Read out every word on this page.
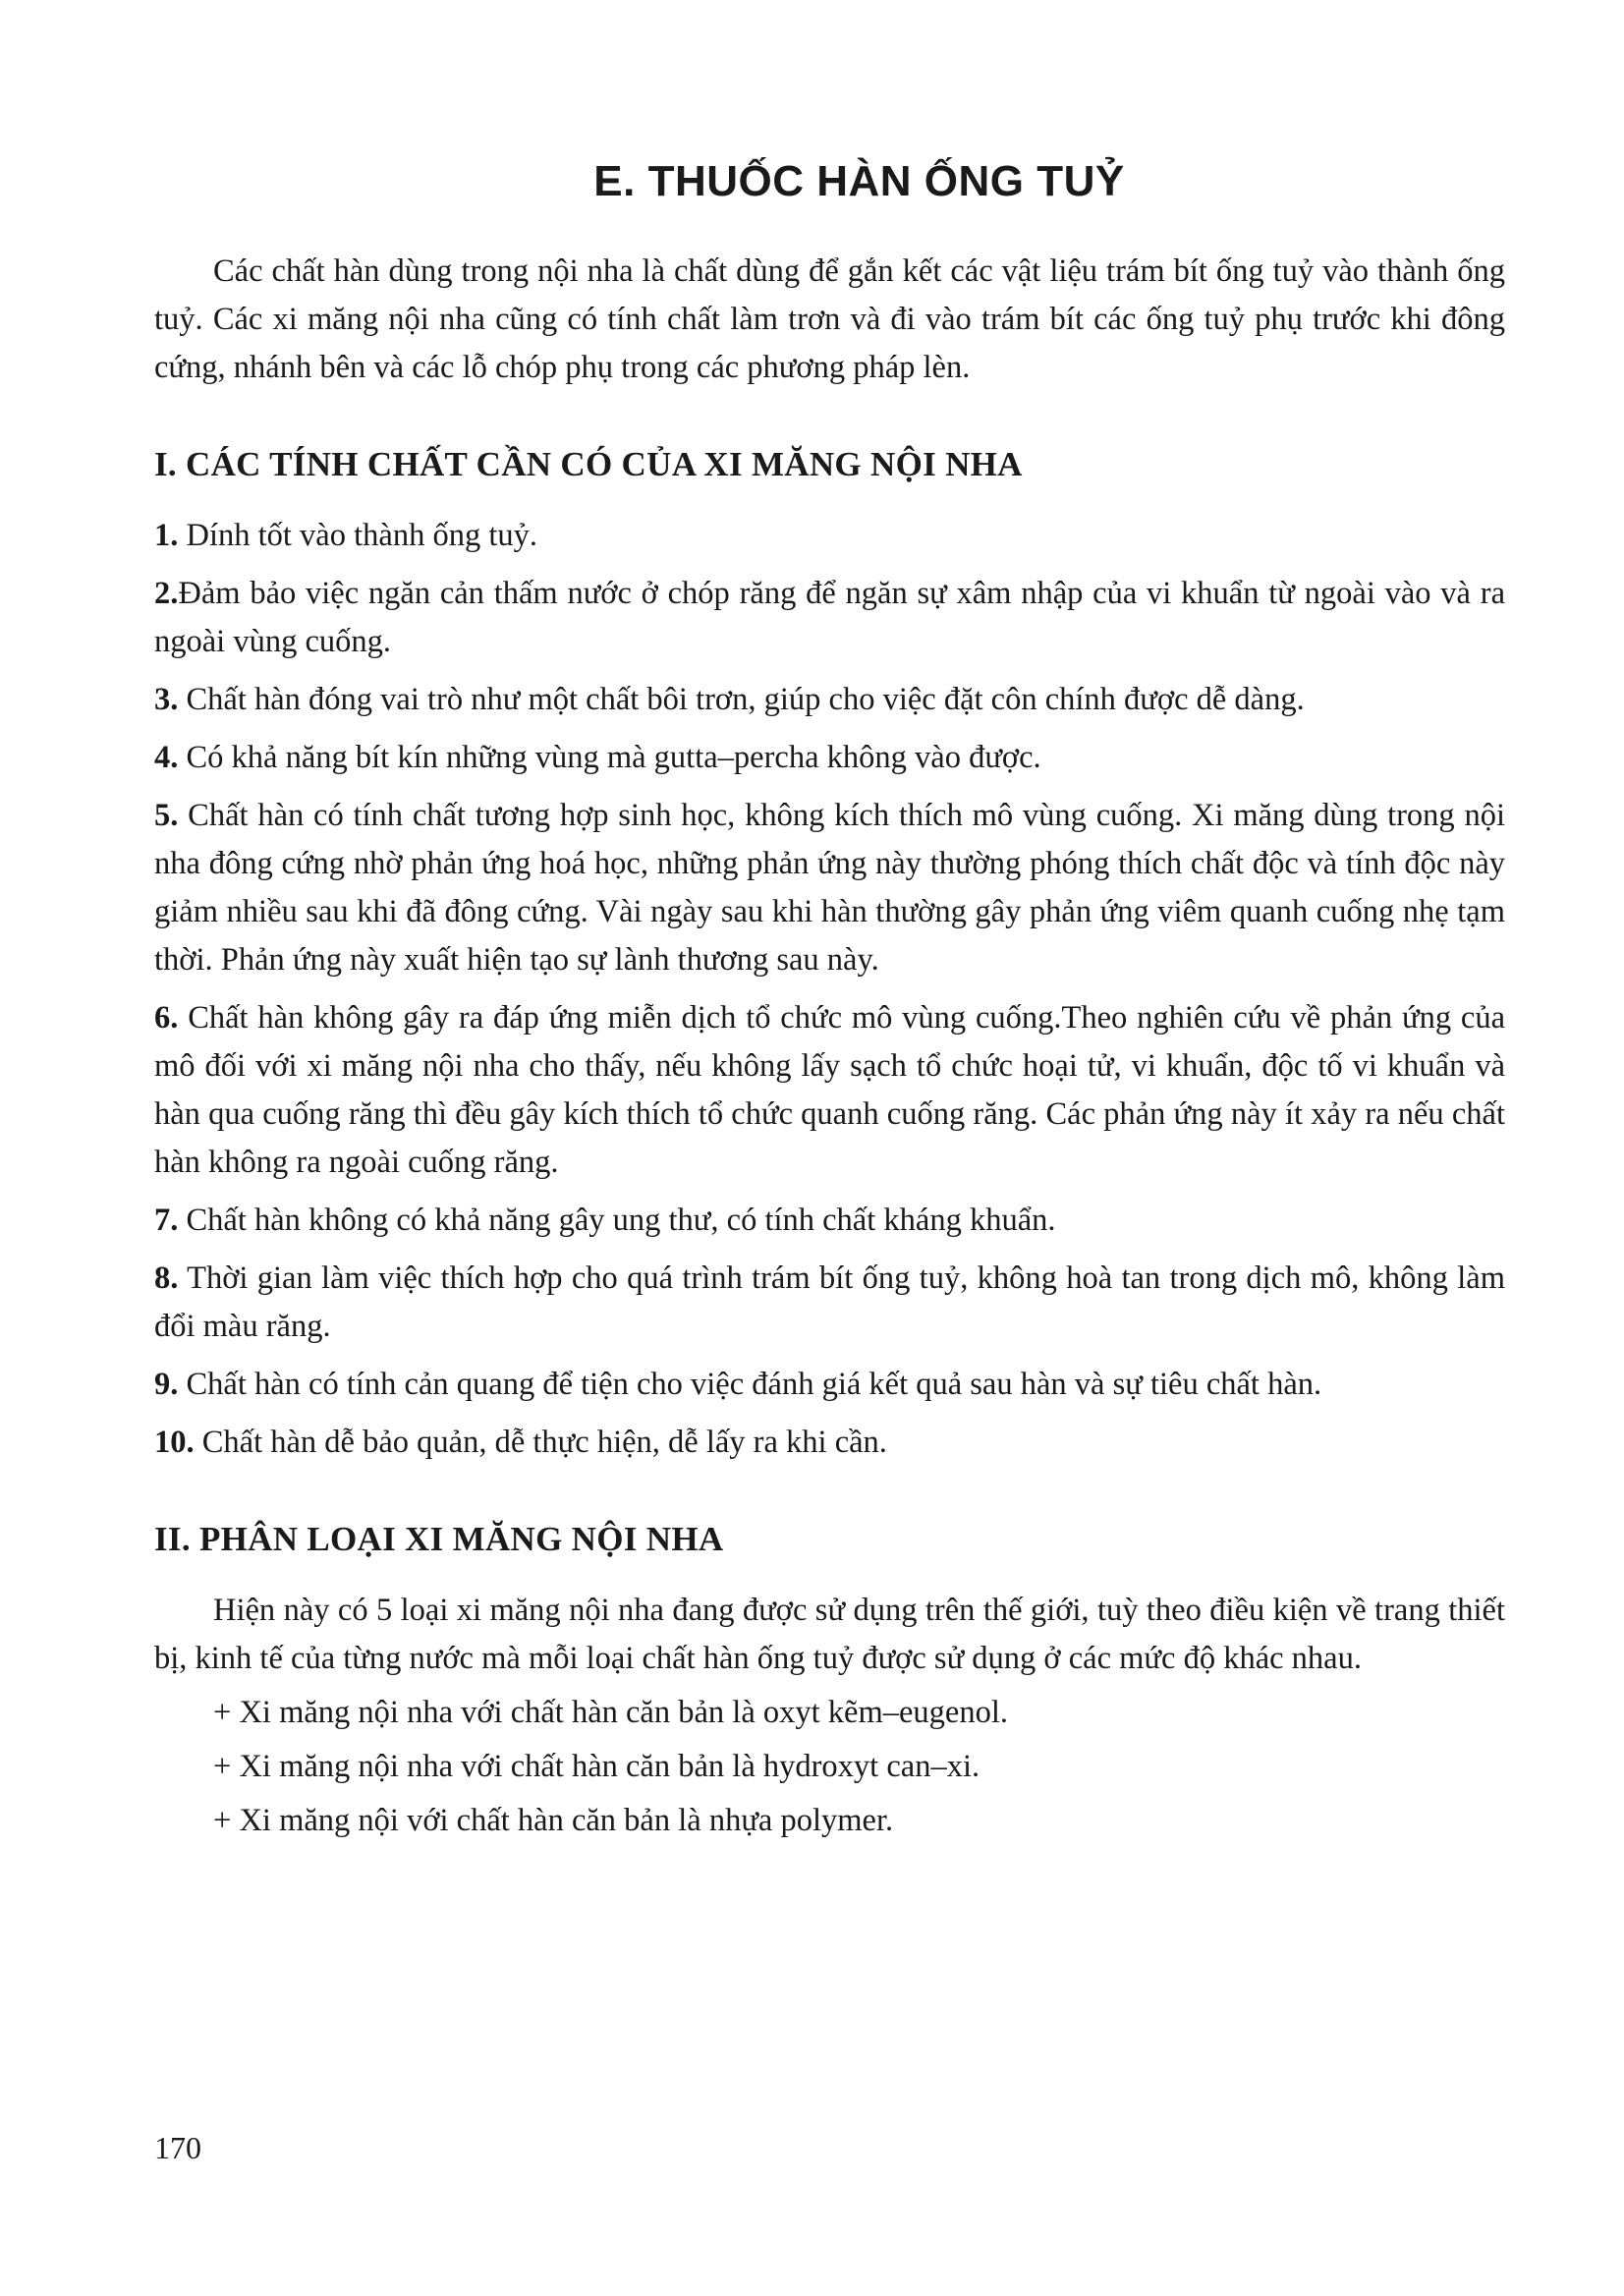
E. THUỐC HÀN ỐNG TUỶ

Các chất hàn dùng trong nội nha là chất dùng để gắn kết các vật liệu trám bít ống tuỷ vào thành ống tuỷ. Các xi măng nội nha cũng có tính chất làm trơn và đi vào trám bít các ống tuỷ phụ trước khi đông cứng, nhánh bên và các lỗ chóp phụ trong các phương pháp lèn.

I. CÁC TÍNH CHẤT CẦN CÓ CỦA XI MĂNG NỘI NHA

1. Dính tốt vào thành ống tuỷ.

2.Đảm bảo việc ngăn cản thấm nước ở chóp răng để ngăn sự xâm nhập của vi khuẩn từ ngoài vào và ra ngoài vùng cuống.

3. Chất hàn đóng vai trò như một chất bôi trơn, giúp cho việc đặt côn chính được dễ dàng.

4. Có khả năng bít kín những vùng mà gutta–percha không vào được.

5. Chất hàn có tính chất tương hợp sinh học, không kích thích mô vùng cuống. Xi măng dùng trong nội nha đông cứng nhờ phản ứng hoá học, những phản ứng này thường phóng thích chất độc và tính độc này giảm nhiều sau khi đã đông cứng. Vài ngày sau khi hàn thường gây phản ứng viêm quanh cuống nhẹ tạm thời. Phản ứng này xuất hiện tạo sự lành thương sau này.

6. Chất hàn không gây ra đáp ứng miễn dịch tổ chức mô vùng cuống.Theo nghiên cứu về phản ứng của mô đối với xi măng nội nha cho thấy, nếu không lấy sạch tổ chức hoại tử, vi khuẩn, độc tố vi khuẩn và hàn qua cuống răng thì đều gây kích thích tổ chức quanh cuống răng. Các phản ứng này ít xảy ra nếu chất hàn không ra ngoài cuống răng.

7. Chất hàn không có khả năng gây ung thư, có tính chất kháng khuẩn.

8. Thời gian làm việc thích hợp cho quá trình trám bít ống tuỷ, không hoà tan trong dịch mô, không làm đổi màu răng.

9. Chất hàn có tính cản quang để tiện cho việc đánh giá kết quả sau hàn và sự tiêu chất hàn.

10. Chất hàn dễ bảo quản, dễ thực hiện, dễ lấy ra khi cần.

II. PHÂN LOẠI XI MĂNG NỘI NHA

Hiện này có 5 loại xi măng nội nha đang được sử dụng trên thế giới, tuỳ theo điều kiện về trang thiết bị, kinh tế của từng nước mà mỗi loại chất hàn ống tuỷ được sử dụng ở các mức độ khác nhau.

+ Xi măng nội nha với chất hàn căn bản là oxyt kẽm–eugenol.

+ Xi măng nội nha với chất hàn căn bản là hydroxyt can–xi.

+ Xi măng nội với chất hàn căn bản là nhựa polymer.

170
